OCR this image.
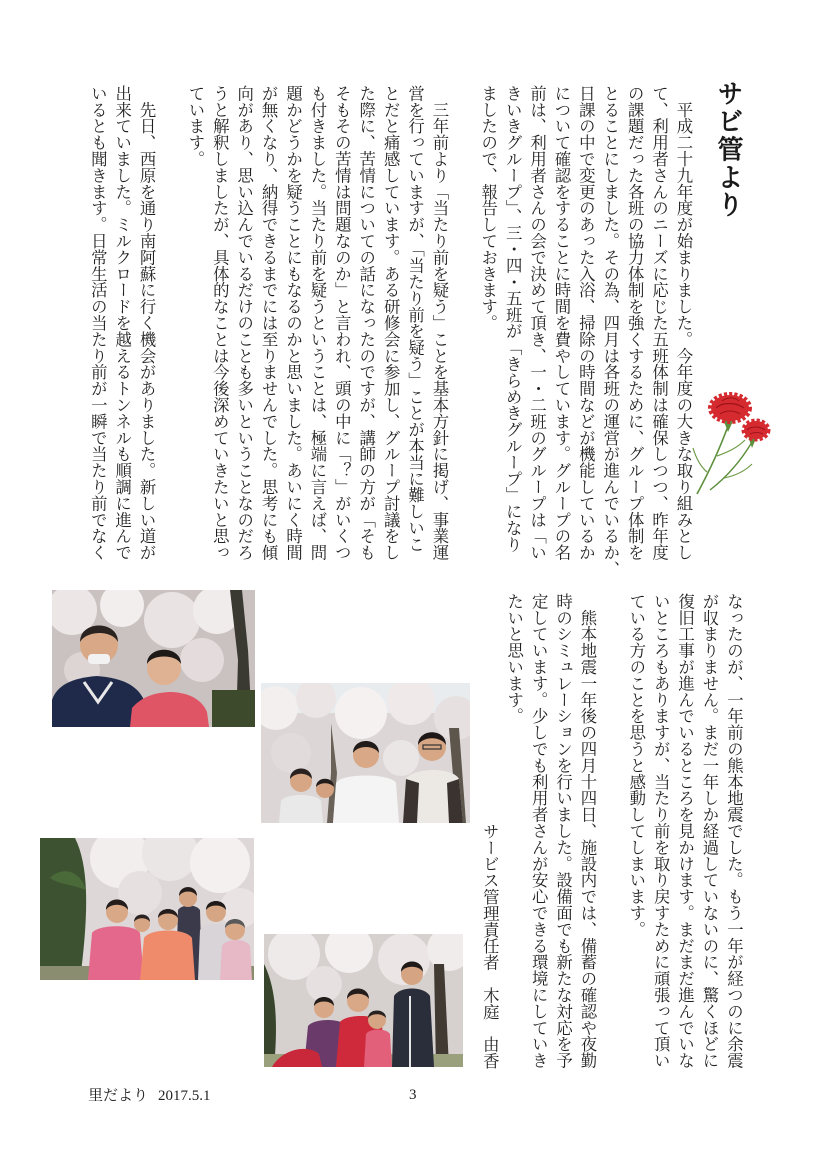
サビ管より
　平成二十九年度が始まりました。今年度の大きな取り組みとし
て、利用者さんのニーズに応じた五班体制は確保しつつ、昨年度
の課題だった各班の協力体制を強くするために、グループ体制を
とることにしました。その為、四月は各班の運営が進んでいるか、
日課の中で変更のあった入浴、掃除の時間などが機能しているか
について確認をすることに時間を費やしています。グループの名
前は、利用者さんの会で決めて頂き、一・二班のグループは「い
きいきグループ」、三・四・五班が「きらめきグループ」になり
ましたので、報告しておきます。
　三年前より「当たり前を疑う」ことを基本方針に掲げ、事業運
営を行っていますが、「当たり前を疑う」ことが本当に難しいこ
とだと痛感しています。ある研修会に参加し、グループ討議をし
た際に、苦情についての話になったのですが、講師の方が「そも
そもその苦情は問題なのか」と言われ、頭の中に「？」がいくつ
も付きました。当たり前を疑うということは、極端に言えば、問
題かどうかを疑うことにもなるのかと思いました。あいにく時間
が無くなり、納得できるまでには至りませんでした。思考にも傾
向があり、思い込んでいるだけのことも多いということなのだろ
うと解釈しましたが、具体的なことは今後深めていきたいと思っ
ています。
　先日、西原を通り南阿蘇に行く機会がありました。新しい道が
出来ていました。ミルクロードを越えるトンネルも順調に進んで
いるとも聞きます。日常生活の当たり前が一瞬で当たり前でなく
なったのが、一年前の熊本地震でした。もう一年が経つのに余震
が収まりません。まだ一年しか経過していないのに、驚くほどに
復旧工事が進んでいるところを見かけます。まだまだ進んでいな
いところもありますが、当たり前を取り戻すために頑張って頂い
ている方のことを思うと感動してしまいます。
　熊本地震一年後の四月十四日、施設内では、備蓄の確認や夜勤
時のシミュレーションを行いました。設備面でも新たな対応を予
定しています。少しでも利用者さんが安心できる環境にしていき
たいと思います。
サービス管理責任者　木庭　由香
里だより 2017.5.1	3
